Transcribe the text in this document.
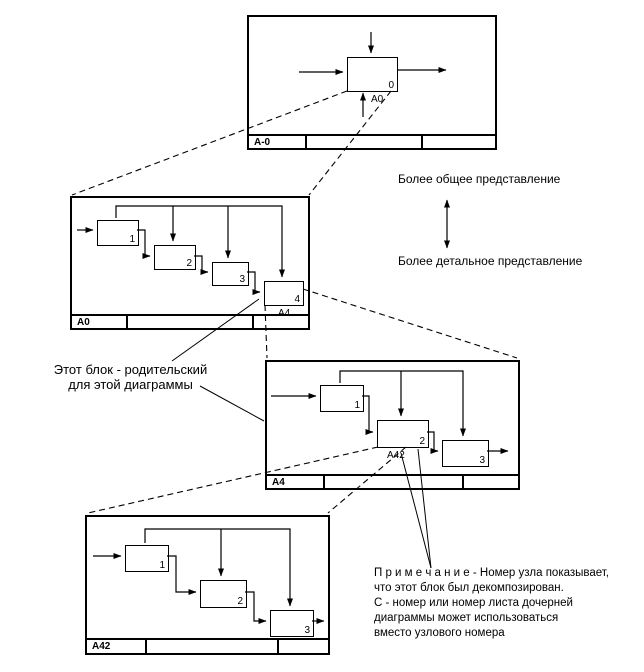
0
A0
A-0
1
2
3
4
A0
1
2
3
A42
A4
1
2
3
A42
Более общее представление
Более детальное представление
Этот блок - родительский
для этой диаграммы
П р и м е ч а н и е - Номер узла показывает,
что этот блок был декомпозирован.
С - номер или номер листа дочерней
диаграммы может использоваться
вместо узлового номера
